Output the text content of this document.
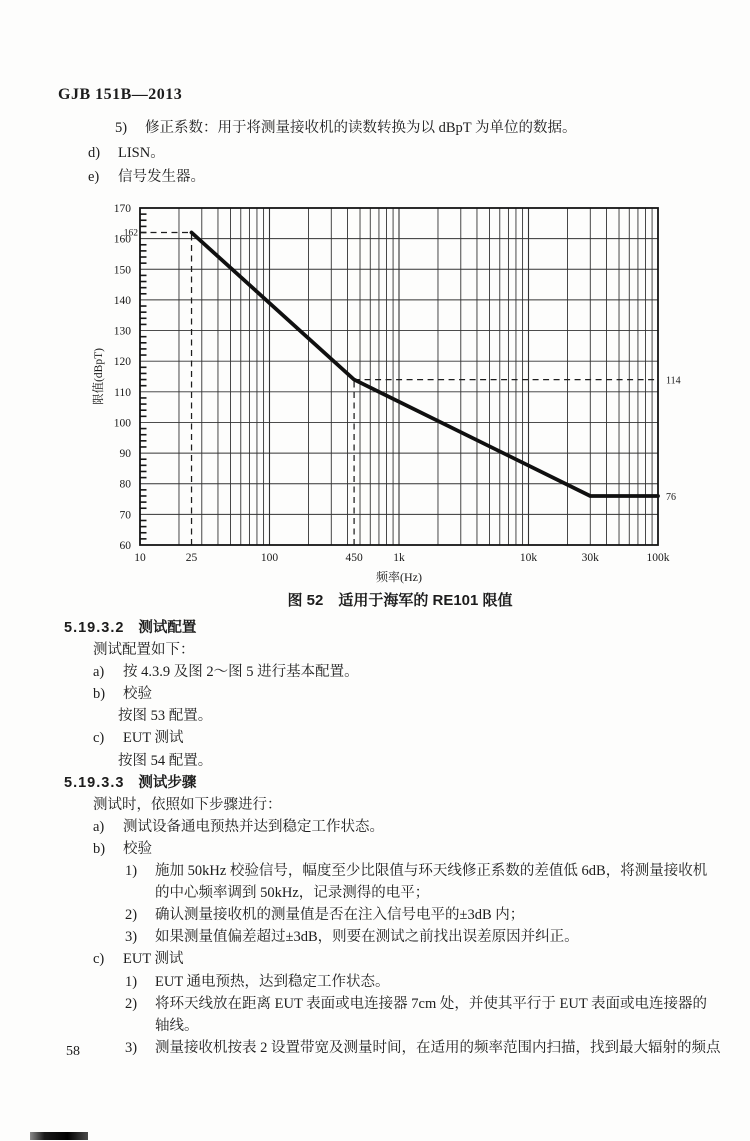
GJB 151B—2013
5) 修正系数：用于将测量接收机的读数转换为以 dBpT 为单位的数据。
d) LISN。
e) 信号发生器。
60
70
80
90
100
110
120
130
140
150
160
170
10	25	100	450	1k	10k	30k	100k
162
114
76
频率(Hz)
限值(dBpT)
图 52　适用于海军的 RE101 限值
5.19.3.2 测试配置
测试配置如下：
a) 按 4.3.9 及图 2～图 5 进行基本配置。
b) 校验
按图 53 配置。
c) EUT 测试
按图 54 配置。
5.19.3.3 测试步骤
测试时，依照如下步骤进行：
a) 测试设备通电预热并达到稳定工作状态。
b) 校验
1) 施加 50kHz 校验信号，幅度至少比限值与环天线修正系数的差值低 6dB，将测量接收机
的中心频率调到 50kHz，记录测得的电平；
2) 确认测量接收机的测量值是否在注入信号电平的±3dB 内；
3) 如果测量值偏差超过±3dB，则要在测试之前找出误差原因并纠正。
c) EUT 测试
1) EUT 通电预热，达到稳定工作状态。
2) 将环天线放在距离 EUT 表面或电连接器 7cm 处，并使其平行于 EUT 表面或电连接器的
轴线。
3) 测量接收机按表 2 设置带宽及测量时间，在适用的频率范围内扫描，找到最大辐射的频点
58
